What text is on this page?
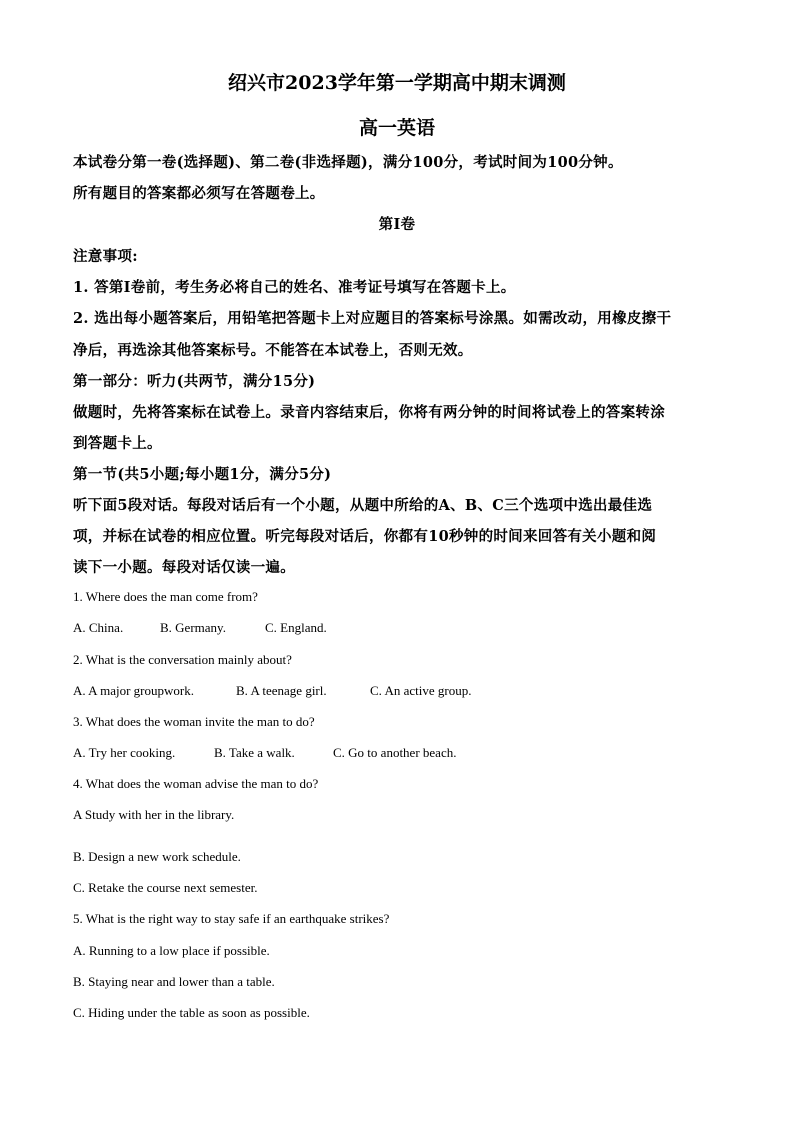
绍兴市2023学年第一学期高中期末调测
高一英语
本试卷分第一卷(选择题)、第二卷(非选择题)，满分100分，考试时间为100分钟。
所有题目的答案都必须写在答题卷上。
第I卷
注意事项:
1. 答第I卷前，考生务必将自己的姓名、准考证号填写在答题卡上。
2. 选出每小题答案后，用铅笔把答题卡上对应题目的答案标号涂黑。如需改动，用橡皮擦干
净后，再选涂其他答案标号。不能答在本试卷上，否则无效。
第一部分：听力(共两节，满分15分)
做题时，先将答案标在试卷上。录音内容结束后，你将有两分钟的时间将试卷上的答案转涂
到答题卡上。
第一节(共5小题;每小题1分，满分5分)
听下面5段对话。每段对话后有一个小题，从题中所给的A、B、C三个选项中选出最佳选
项，并标在试卷的相应位置。听完每段对话后，你都有10秒钟的时间来回答有关小题和阅
读下一小题。每段对话仅读一遍。
1. Where does the man come from?
A. China.	B. Germany.	C. England.
2. What is the conversation mainly about?
A. A major groupwork.	B. A teenage girl.	C. An active group.
3. What does the woman invite the man to do?
A. Try her cooking.	B. Take a walk.	C. Go to another beach.
4. What does the woman advise the man to do?
A Study with her in the library.
B. Design a new work schedule.
C. Retake the course next semester.
5. What is the right way to stay safe if an earthquake strikes?
A. Running to a low place if possible.
B. Staying near and lower than a table.
C. Hiding under the table as soon as possible.
